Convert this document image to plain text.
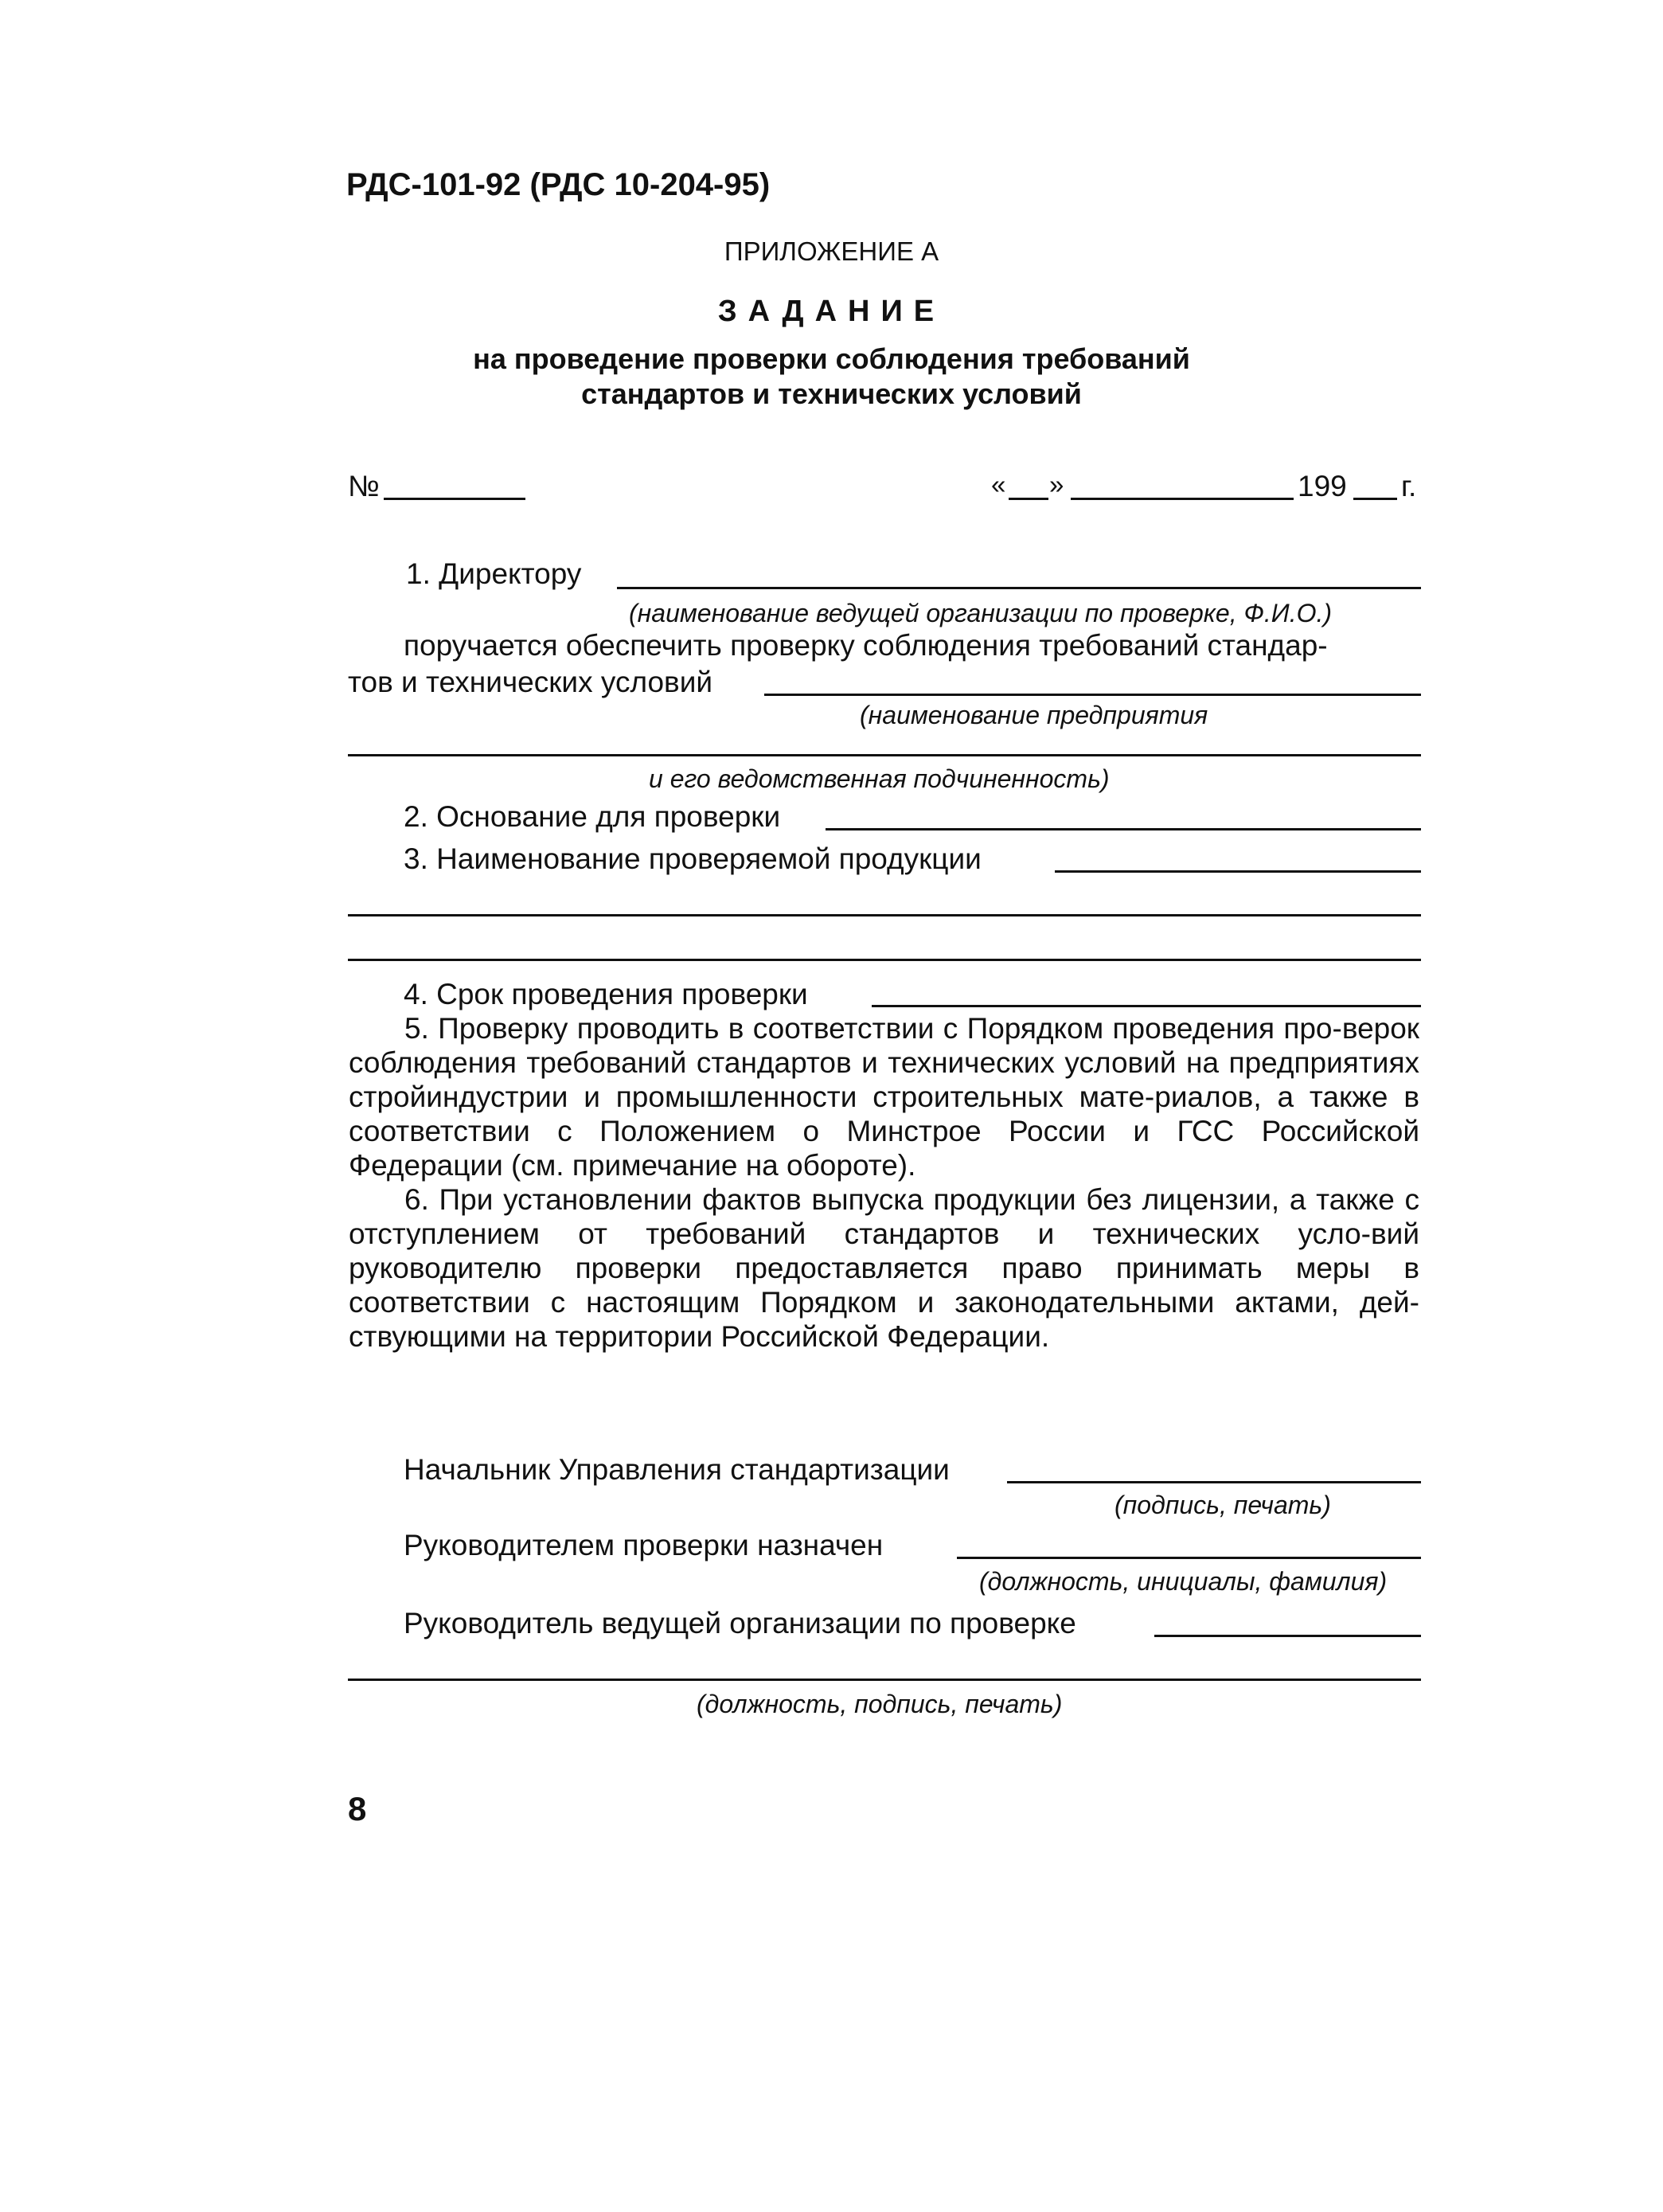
РДС-101-92 (РДС 10-204-95)
ПРИЛОЖЕНИЕ А
ЗАДАНИЕ
на проведение проверки соблюдения требований
стандартов и технических условий
№	« »	199 г.
1. Директору
(наименование ведущей организации по проверке, Ф.И.О.)
поручается обеспечить проверку соблюдения требований стандар-
тов и технических условий
(наименование предприятия
и его ведомственная подчиненность)
2. Основание для проверки
3. Наименование проверяемой продукции
4. Срок проведения проверки
5. Проверку проводить в соответствии с Порядком проведения про-верок соблюдения требований стандартов и технических условий на предприятиях стройиндустрии и промышленности строительных мате-риалов, а также в соответствии с Положением о Минстрое России и ГСС Российской Федерации (см. примечание на обороте).
6. При установлении фактов выпуска продукции без лицензии, а также с отступлением от требований стандартов и технических усло-вий руководителю проверки предоставляется право принимать меры в соответствии с настоящим Порядком и законодательными актами, дей-ствующими на территории Российской Федерации.
Начальник Управления стандартизации
(подпись, печать)
Руководителем проверки назначен
(должность, инициалы, фамилия)
Руководитель ведущей организации по проверке
(должность, подпись, печать)
8
